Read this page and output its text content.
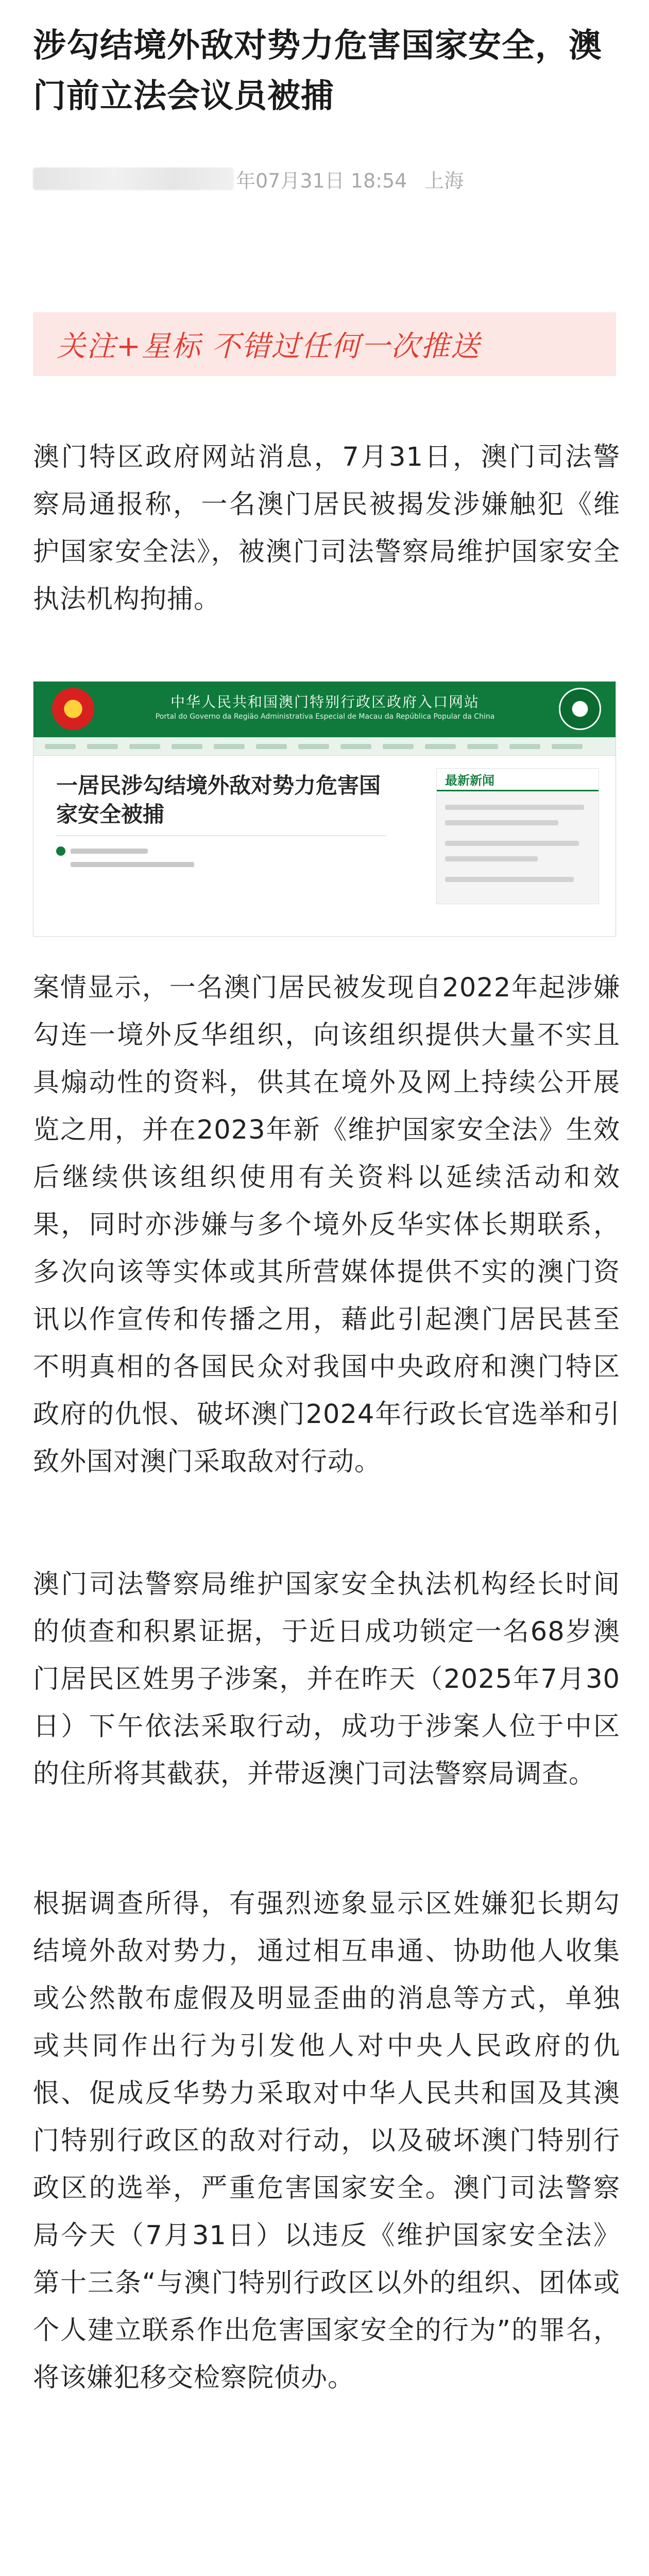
涉勾结境外敌对势力危害国家安全，澳门前立法会议员被捕
年07月31日 18:54 上海
关注+星标 不错过任何一次推送

澳门特区政府网站消息，7月31日，澳门司法警察局通报称，一名澳门居民被揭发涉嫌触犯《维护国家安全法》，被澳门司法警察局维护国家安全执法机构拘捕。

中华人民共和国澳门特别行政区政府入口网站
Portal do Governo da Região Administrativa Especial de Macau da República Popular da China
一居民涉勾结境外敌对势力危害国家安全被捕
最新新闻

案情显示，一名澳门居民被发现自2022年起涉嫌勾连一境外反华组织，向该组织提供大量不实且具煽动性的资料，供其在境外及网上持续公开展览之用，并在2023年新《维护国家安全法》生效后继续供该组织使用有关资料以延续活动和效果，同时亦涉嫌与多个境外反华实体长期联系，多次向该等实体或其所营媒体提供不实的澳门资讯以作宣传和传播之用，藉此引起澳门居民甚至不明真相的各国民众对我国中央政府和澳门特区政府的仇恨、破坏澳门2024年行政长官选举和引致外国对澳门采取敌对行动。

澳门司法警察局维护国家安全执法机构经长时间的侦查和积累证据，于近日成功锁定一名68岁澳门居民区姓男子涉案，并在昨天（2025年7月30日）下午依法采取行动，成功于涉案人位于中区的住所将其截获，并带返澳门司法警察局调查。

根据调查所得，有强烈迹象显示区姓嫌犯长期勾结境外敌对势力，通过相互串通、协助他人收集或公然散布虚假及明显歪曲的消息等方式，单独或共同作出行为引发他人对中央人民政府的仇恨、促成反华势力采取对中华人民共和国及其澳门特别行政区的敌对行动，以及破坏澳门特别行政区的选举，严重危害国家安全。澳门司法警察局今天（7月31日）以违反《维护国家安全法》第十三条“与澳门特别行政区以外的组织、团体或个人建立联系作出危害国家安全的行为”的罪名，将该嫌犯移交检察院侦办。
